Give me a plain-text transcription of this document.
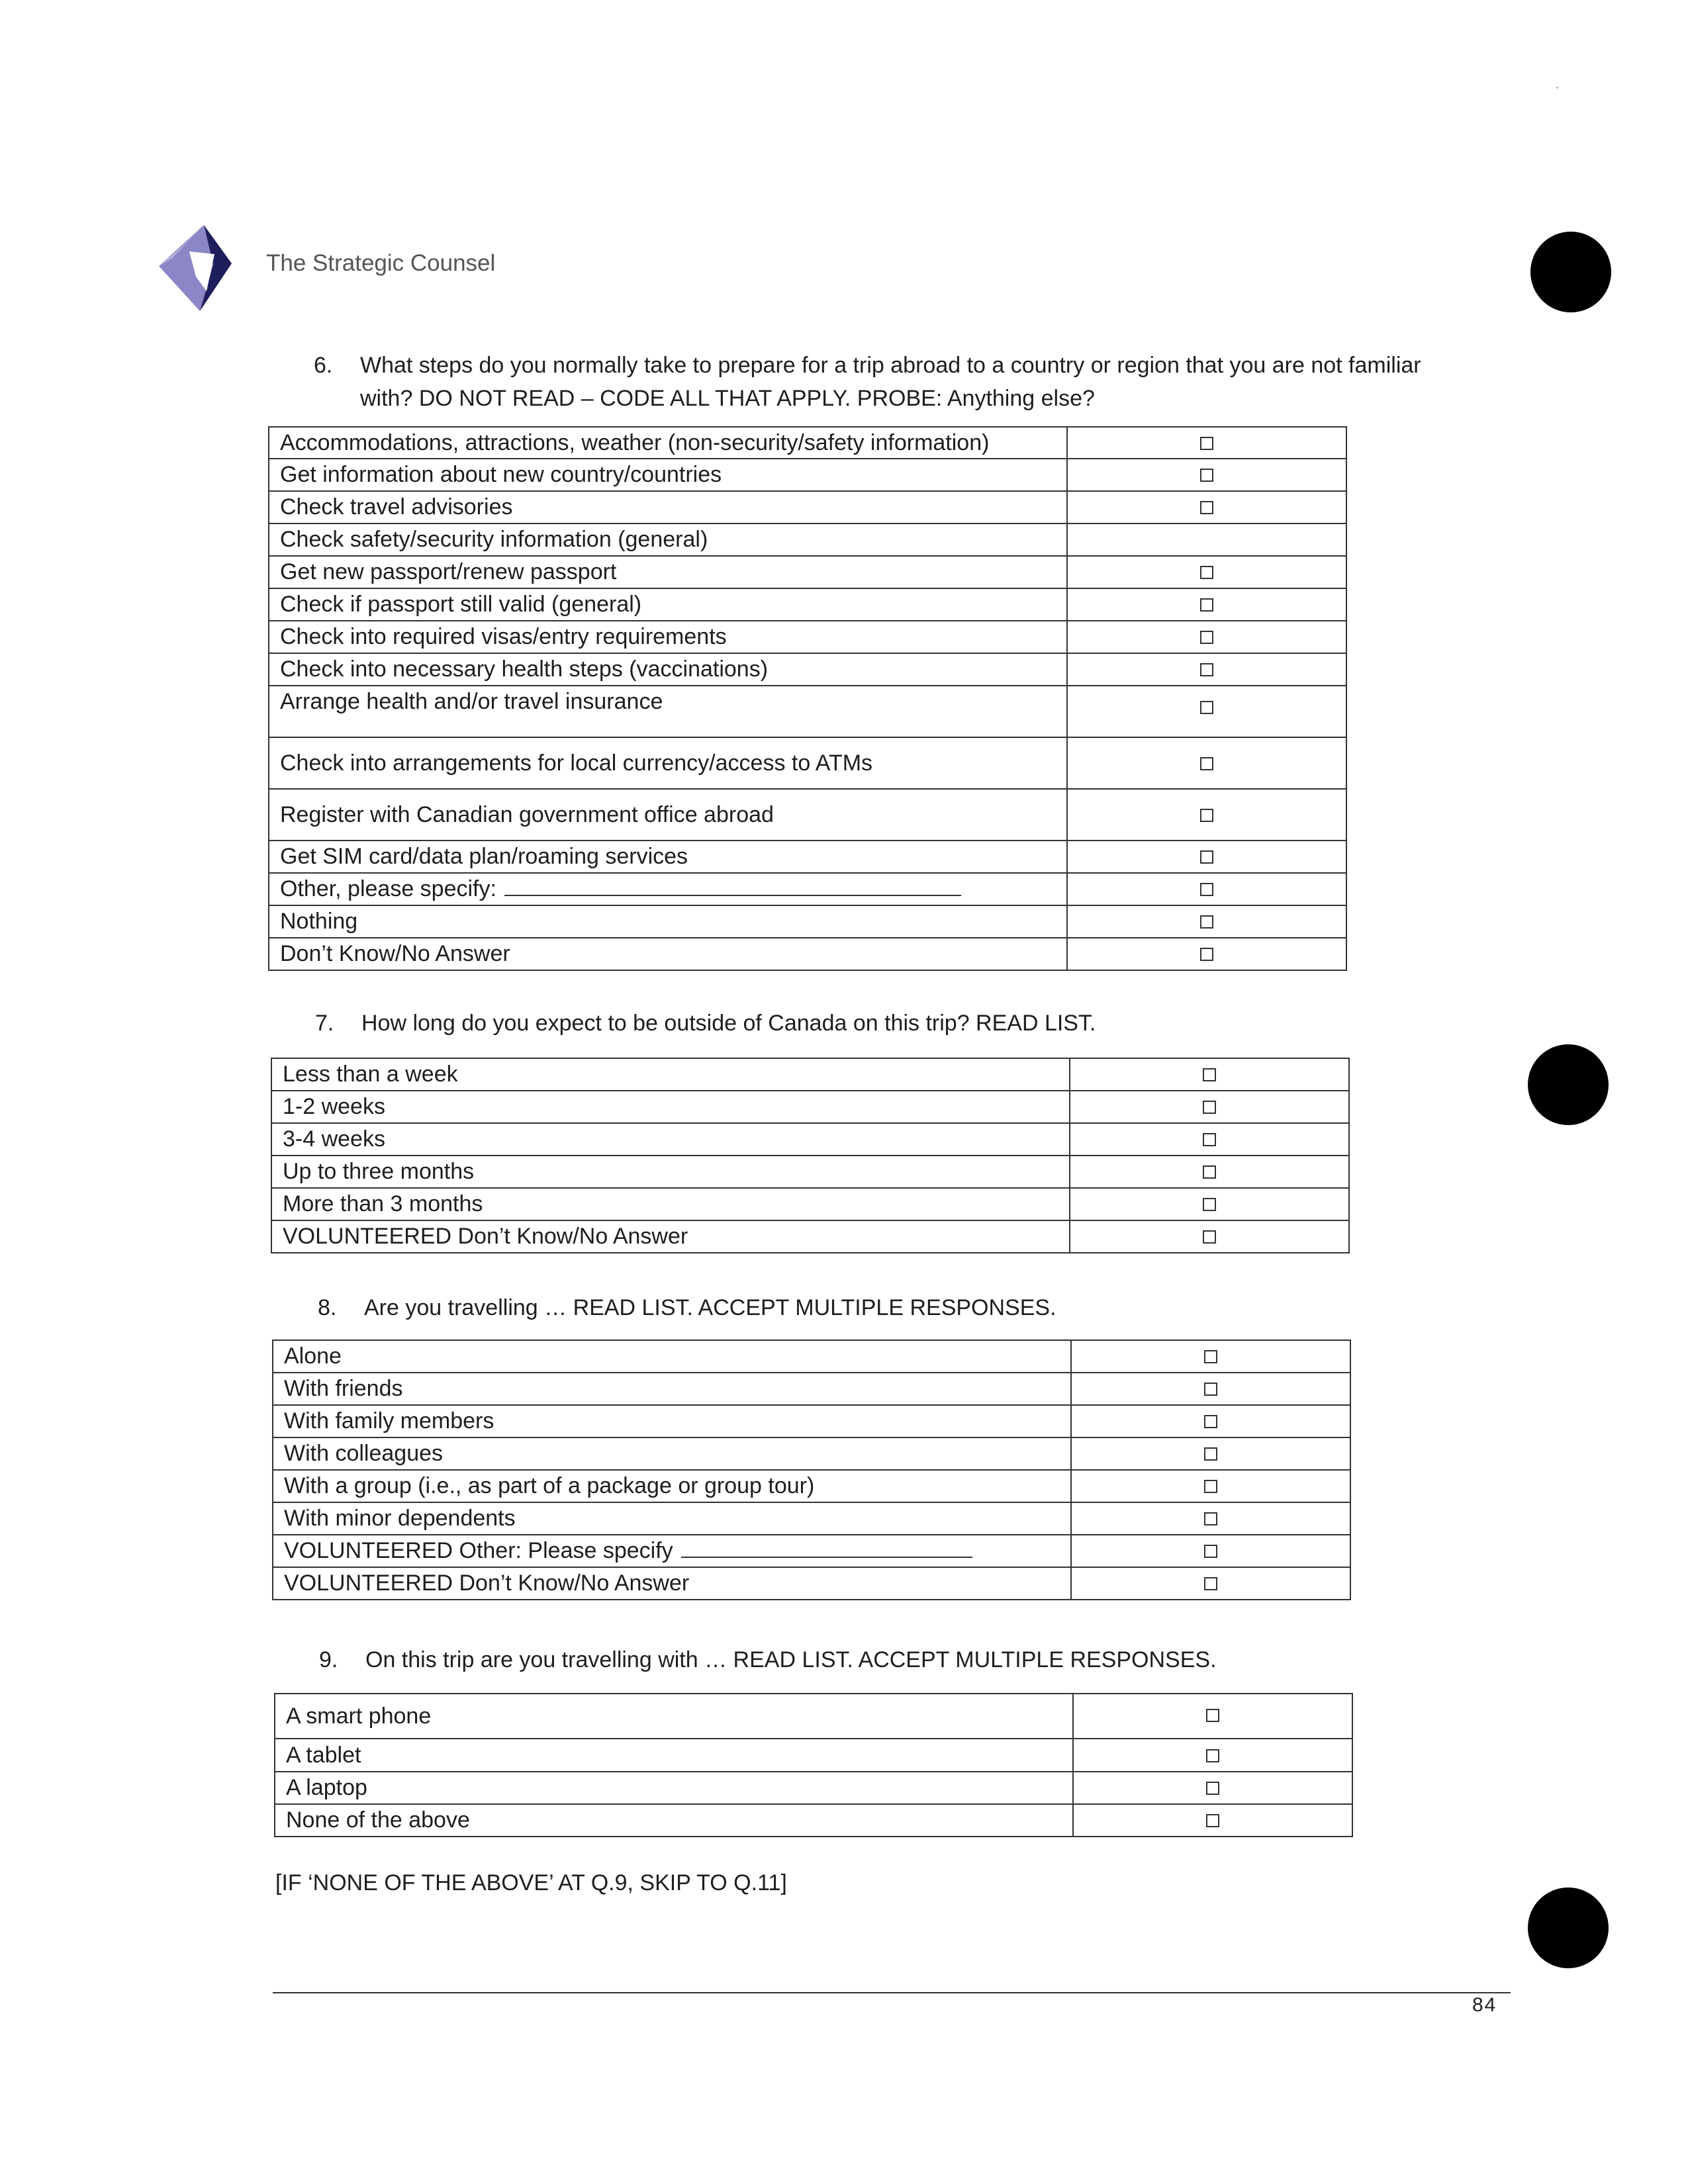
The Strategic Counsel
ˇ
6. What steps do you normally take to prepare for a trip abroad to a country or region that you are not familiar
with? DO NOT READ – CODE ALL THAT APPLY. PROBE: Anything else?
Accommodations, attractions, weather (non-security/safety information)	
Get information about new country/countries	
Check travel advisories	
Check safety/security information (general)	
Get new passport/renew passport	
Check if passport still valid (general)	
Check into required visas/entry requirements	
Check into necessary health steps (vaccinations)	
Arrange health and/or travel insurance	
Check into arrangements for local currency/access to ATMs	
Register with Canadian government office abroad	
Get SIM card/data plan/roaming services	
Other, please specify:	
Nothing	
Don’t Know/No Answer	
7. How long do you expect to be outside of Canada on this trip? READ LIST.
Less than a week	
1-2 weeks	
3-4 weeks	
Up to three months	
More than 3 months	
VOLUNTEERED Don’t Know/No Answer	
8. Are you travelling … READ LIST. ACCEPT MULTIPLE RESPONSES.
Alone	
With friends	
With family members	
With colleagues	
With a group (i.e., as part of a package or group tour)	
With minor dependents	
VOLUNTEERED Other: Please specify	
VOLUNTEERED Don’t Know/No Answer	
9. On this trip are you travelling with … READ LIST. ACCEPT MULTIPLE RESPONSES.
A smart phone	
A tablet	
A laptop	
None of the above	
[IF ‘NONE OF THE ABOVE’ AT Q.9, SKIP TO Q.11]
84
